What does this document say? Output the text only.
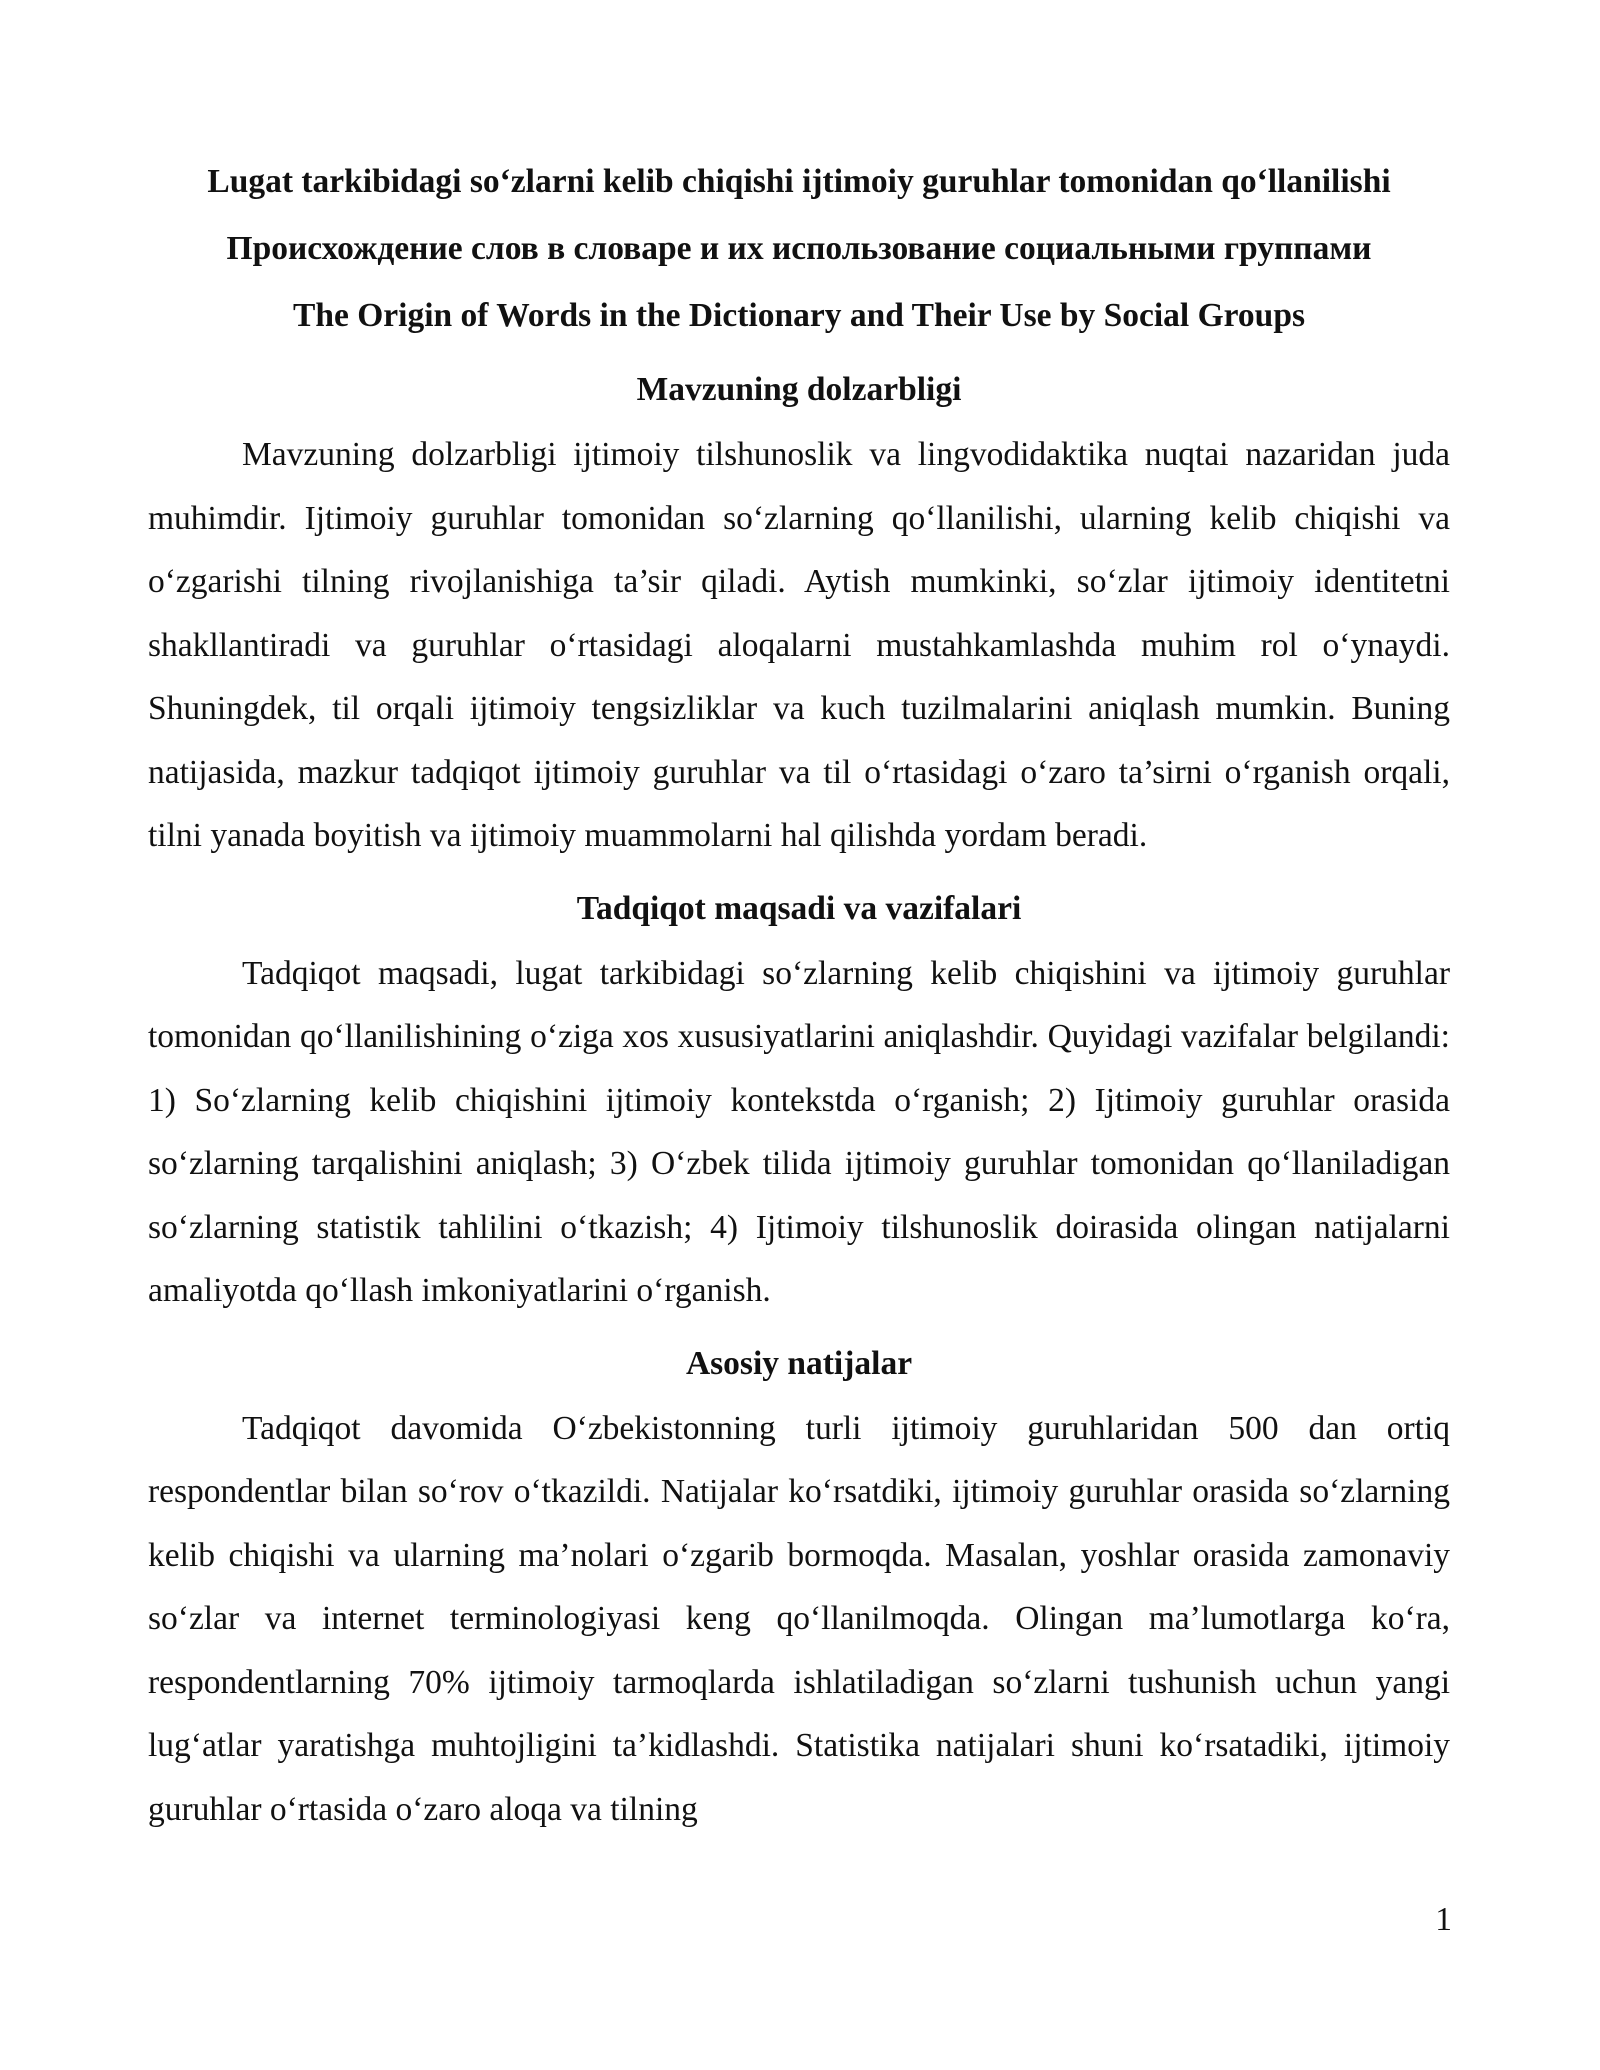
Lugat tarkibidagi so‘zlarni kelib chiqishi ijtimoiy guruhlar tomonidan qo‘llanilishi

Происхождение слов в словаре и их использование социальными группами

The Origin of Words in the Dictionary and Their Use by Social Groups

Mavzuning dolzarbligi

Mavzuning dolzarbligi ijtimoiy tilshunoslik va lingvodidaktika nuqtai nazaridan juda muhimdir. Ijtimoiy guruhlar tomonidan so‘zlarning qo‘llanilishi, ularning kelib chiqishi va o‘zgarishi tilning rivojlanishiga ta’sir qiladi. Aytish mumkinki, so‘zlar ijtimoiy identitetni shakllantiradi va guruhlar o‘rtasidagi aloqalarni mustahkamlashda muhim rol o‘ynaydi. Shuningdek, til orqali ijtimoiy tengsizliklar va kuch tuzilmalarini aniqlash mumkin. Buning natijasida, mazkur tadqiqot ijtimoiy guruhlar va til o‘rtasidagi o‘zaro ta’sirni o‘rganish orqali, tilni yanada boyitish va ijtimoiy muammolarni hal qilishda yordam beradi.

Tadqiqot maqsadi va vazifalari

Tadqiqot maqsadi, lugat tarkibidagi so‘zlarning kelib chiqishini va ijtimoiy guruhlar tomonidan qo‘llanilishining o‘ziga xos xususiyatlarini aniqlashdir. Quyidagi vazifalar belgilandi: 1) So‘zlarning kelib chiqishini ijtimoiy kontekstda o‘rganish; 2) Ijtimoiy guruhlar orasida so‘zlarning tarqalishini aniqlash; 3) O‘zbek tilida ijtimoiy guruhlar tomonidan qo‘llaniladigan so‘zlarning statistik tahlilini o‘tkazish; 4) Ijtimoiy tilshunoslik doirasida olingan natijalarni amaliyotda qo‘llash imkoniyatlarini o‘rganish.

Asosiy natijalar

Tadqiqot davomida O‘zbekistonning turli ijtimoiy guruhlaridan 500 dan ortiq respondentlar bilan so‘rov o‘tkazildi. Natijalar ko‘rsatdiki, ijtimoiy guruhlar orasida so‘zlarning kelib chiqishi va ularning ma’nolari o‘zgarib bormoqda. Masalan, yoshlar orasida zamonaviy so‘zlar va internet terminologiyasi keng qo‘llanilmoqda. Olingan ma’lumotlarga ko‘ra, respondentlarning 70% ijtimoiy tarmoqlarda ishlatiladigan so‘zlarni tushunish uchun yangi lug‘atlar yaratishga muhtojligini ta’kidlashdi. Statistika natijalari shuni ko‘rsatadiki, ijtimoiy guruhlar o‘rtasida o‘zaro aloqa va tilning

1
